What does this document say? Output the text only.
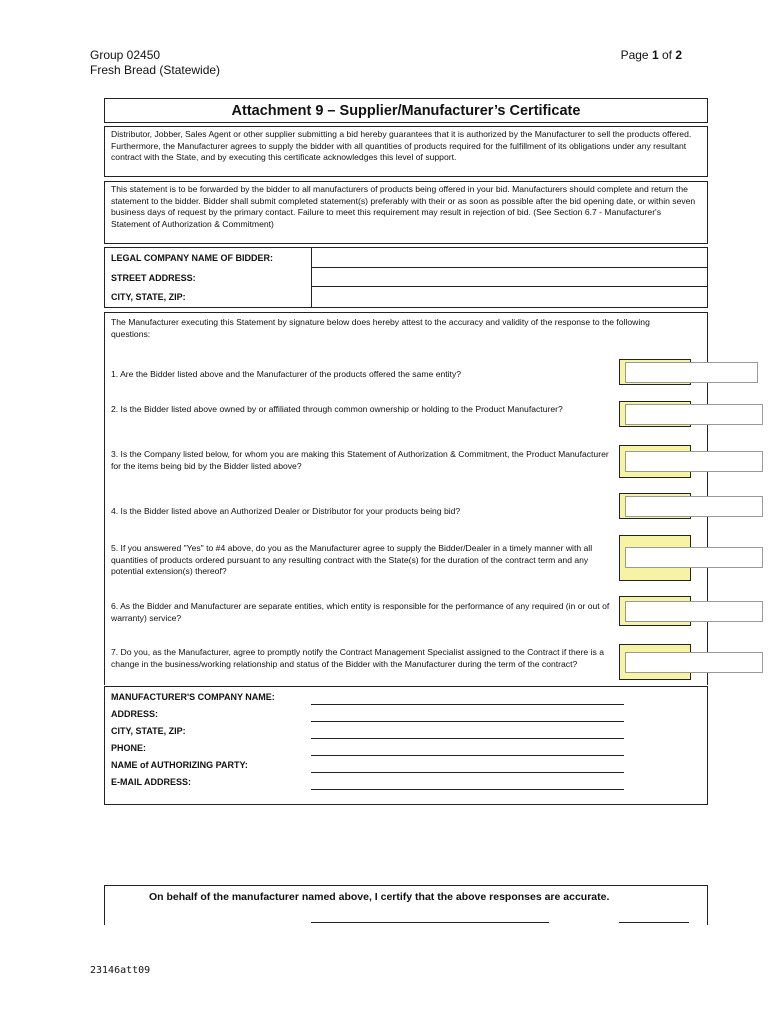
Group 02450
Fresh Bread (Statewide)
Page 1 of 2
Attachment 9 – Supplier/Manufacturer’s Certificate
Distributor, Jobber, Sales Agent or other supplier submitting a bid hereby guarantees that it is authorized by the Manufacturer to sell the products offered. Furthermore, the Manufacturer agrees to supply the bidder with all quantities of products required for the fulfillment of its obligations under any resultant contract with the State, and by executing this certificate acknowledges this level of support.
This statement is to be forwarded by the bidder to all manufacturers of products being offered in your bid. Manufacturers should complete and return the statement to the bidder. Bidder shall submit completed statement(s) preferably with their or as soon as possible after the bid opening date, or within seven business days of request by the primary contact. Failure to meet this requirement may result in rejection of bid. (See Section 6.7 - Manufacturer's Statement of Authorization & Commitment)
LEGAL COMPANY NAME OF BIDDER:
STREET ADDRESS:
CITY, STATE, ZIP:
The Manufacturer executing this Statement by signature below does hereby attest to the accuracy and validity of the response to the following questions:
1. Are the Bidder listed above and the Manufacturer of the products offered the same entity?
2. Is the Bidder listed above owned by or affiliated through common ownership or holding to the Product Manufacturer?
3. Is the Company listed below, for whom you are making this Statement of Authorization & Commitment, the Product Manufacturer for the items being bid by the Bidder listed above?
4. Is the Bidder listed above an Authorized Dealer or Distributor for your products being bid?
5. If you answered "Yes" to #4 above, do you as the Manufacturer agree to supply the Bidder/Dealer in a timely manner with all quantities of products ordered pursuant to any resulting contract with the State(s) for the duration of the contract term and any potential extension(s) thereof?
6. As the Bidder and Manufacturer are separate entities, which entity is responsible for the performance of any required (in or out of warranty) service?
7. Do you, as the Manufacturer, agree to promptly notify the Contract Management Specialist assigned to the Contract if there is a change in the business/working relationship and status of the Bidder with the Manufacturer during the term of the contract?
MANUFACTURER'S COMPANY NAME:
ADDRESS:
CITY, STATE, ZIP:
PHONE:
NAME of AUTHORIZING PARTY:
E-MAIL ADDRESS:
On behalf of the manufacturer named above, I certify that the above responses are accurate.
23146att09
